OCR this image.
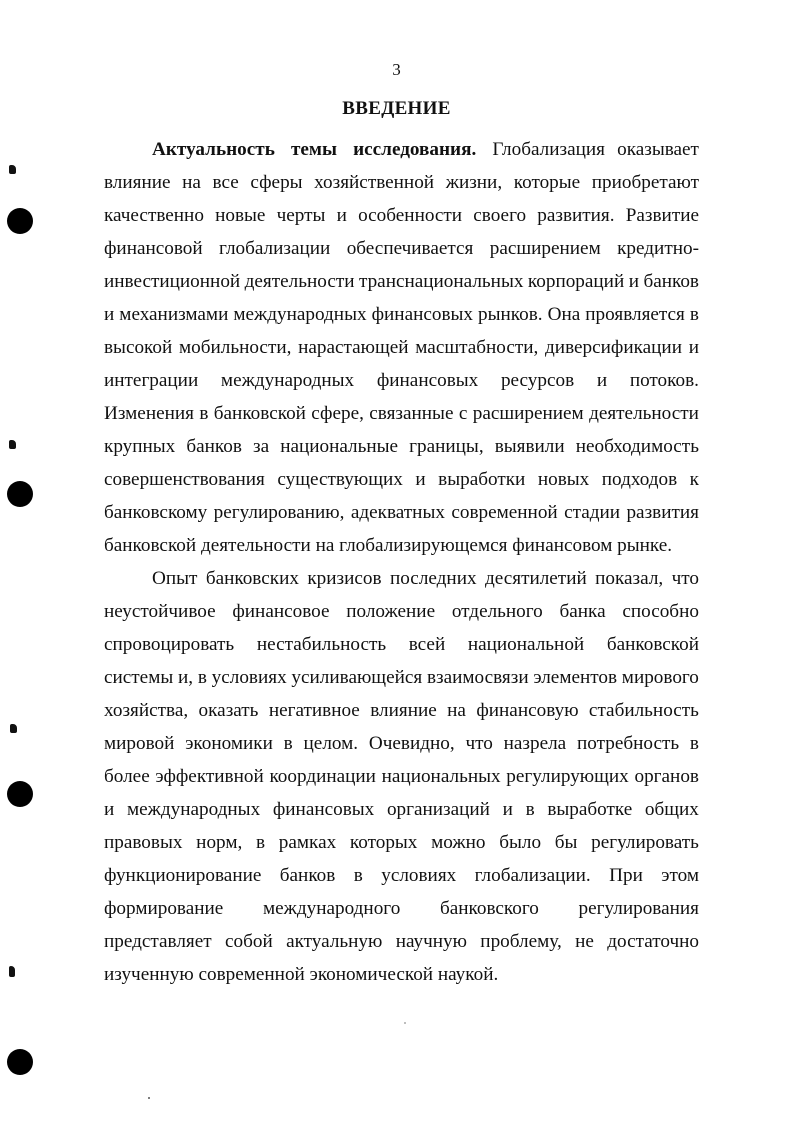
3
ВВЕДЕНИЕ
Актуальность темы исследования. Глобализация оказывает
влияние на все сферы хозяйственной жизни, которые приобретают
качественно новые черты и особенности своего развития. Развитие
финансовой глобализации обеспечивается расширением кредитно-
инвестиционной деятельности транснациональных корпораций и банков
и механизмами международных финансовых рынков. Она проявляется в
высокой мобильности, нарастающей масштабности, диверсификации и
интеграции международных финансовых ресурсов и потоков.
Изменения в банковской сфере, связанные с расширением деятельности
крупных банков за национальные границы, выявили необходимость
совершенствования существующих и выработки новых подходов к
банковскому регулированию, адекватных современной стадии развития
банковской деятельности на глобализирующемся финансовом рынке.
Опыт банковских кризисов последних десятилетий показал, что
неустойчивое финансовое положение отдельного банка способно
спровоцировать нестабильность всей национальной банковской
системы и, в условиях усиливающейся взаимосвязи элементов мирового
хозяйства, оказать негативное влияние на финансовую стабильность
мировой экономики в целом. Очевидно, что назрела потребность в
более эффективной координации национальных регулирующих органов
и международных финансовых организаций и в выработке общих
правовых норм, в рамках которых можно было бы регулировать
функционирование банков в условиях глобализации. При этом
формирование международного банковского регулирования
представляет собой актуальную научную проблему, не достаточно
изученную современной экономической наукой.
